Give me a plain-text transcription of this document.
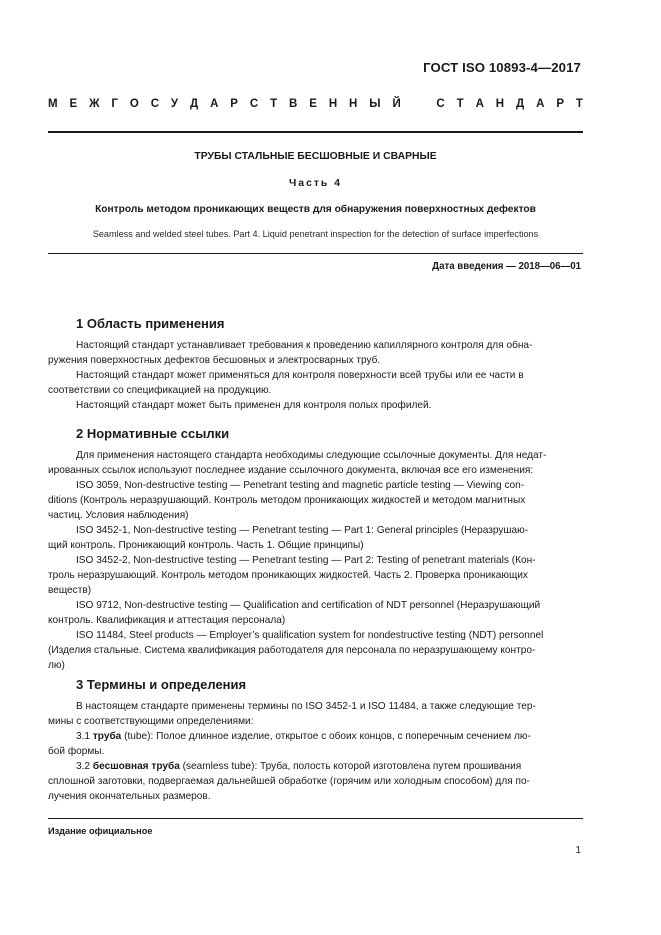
ГОСТ ISO 10893-4—2017
М Е Ж Г О С У Д А Р С Т В Е Н Н Ы Й	С Т А Н Д А Р Т
ТРУБЫ СТАЛЬНЫЕ БЕСШОВНЫЕ И СВАРНЫЕ
Часть 4
Контроль методом проникающих веществ для обнаружения поверхностных дефектов
Seamless and welded steel tubes. Part 4. Liquid penetrant inspection for the detection of surface imperfections
Дата введения — 2018—06—01
1 Область применения
Настоящий стандарт устанавливает требования к проведению капиллярного контроля для обна-
ружения поверхностных дефектов бесшовных и электросварных труб.
Настоящий стандарт может применяться для контроля поверхности всей трубы или ее части в
соответствии со спецификацией на продукцию.
Настоящий стандарт может быть применен для контроля полых профилей.
2 Нормативные ссылки
Для применения настоящего стандарта необходимы следующие ссылочные документы. Для недат-
ированных ссылок используют последнее издание ссылочного документа, включая все его изменения:
ISO 3059, Non-destructive testing — Penetrant testing and magnetic particle testing — Viewing con-
ditions (Контроль неразрушающий. Контроль методом проникающих жидкостей и методом магнитных
частиц. Условия наблюдения)
ISO 3452-1, Non-destructive testing — Penetrant testing — Part 1: General principles (Неразрушаю-
щий контроль. Проникающий контроль. Часть 1. Общие принципы)
ISO 3452-2, Non-destructive testing — Penetrant testing — Part 2: Testing of penetrant materials (Кон-
троль неразрушающий. Контроль методом проникающих жидкостей. Часть 2. Проверка проникающих
веществ)
ISO 9712, Non-destructive testing — Qualification and certification of NDT personnel (Неразрушающий
контроль. Квалификация и аттестация персонала)
ISO 11484, Steel products — Employer’s qualification system for nondestructive testing (NDT) personnel
(Изделия стальные. Система квалификация работодателя для персонала по неразрушающему контро-
лю)
3 Термины и определения
В настоящем стандарте применены термины по ISO 3452-1 и ISO 11484, а также следующие тер-
мины с соответствующими определениями:
3.1 труба (tube): Полое длинное изделие, открытое с обоих концов, с поперечным сечением лю-
бой формы.
3.2 бесшовная труба (seamless tube): Труба, полость которой изготовлена путем прошивания
сплошной заготовки, подвергаемая дальнейшей обработке (горячим или холодным способом) для по-
лучения окончательных размеров.
Издание официальное
1
